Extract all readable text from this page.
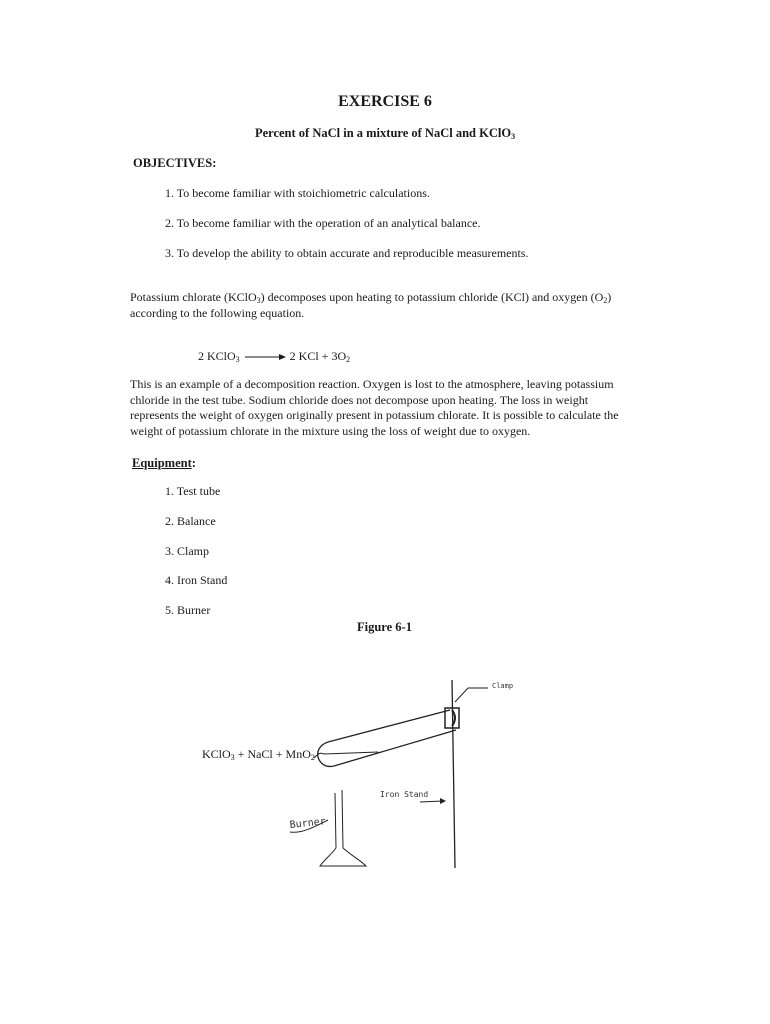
EXERCISE 6
Percent of NaCl in a mixture of NaCl and KClO$_3$
OBJECTIVES:
1. To become familiar with stoichiometric calculations.
2. To become familiar with the operation of an analytical balance.
3. To develop the ability to obtain accurate and reproducible measurements.
Potassium chlorate (KClO$_3$) decomposes upon heating to potassium chloride (KCl) and oxygen $(O_2)$
according to the following equation.
2 KClO$_3$ → 2 KCl + $3O_2$
This is an example of a decomposition reaction. Oxygen is lost to the atmosphere, leaving potassium
chloride in the test tube. Sodium chloride does not decompose upon heating. The loss in weight
represents the weight of oxygen originally present in potassium chlorate. It is possible to calculate the
weight of potassium chlorate in the mixture using the loss of weight due to oxygen.
Equipment:
1. Test tube
2. Balance
3. Clamp
4. Iron Stand
5. Burner
Figure 6-1
KClO$_3$ + NaCl + MnO$_2$
Clamp
Burner
Iron Stand
